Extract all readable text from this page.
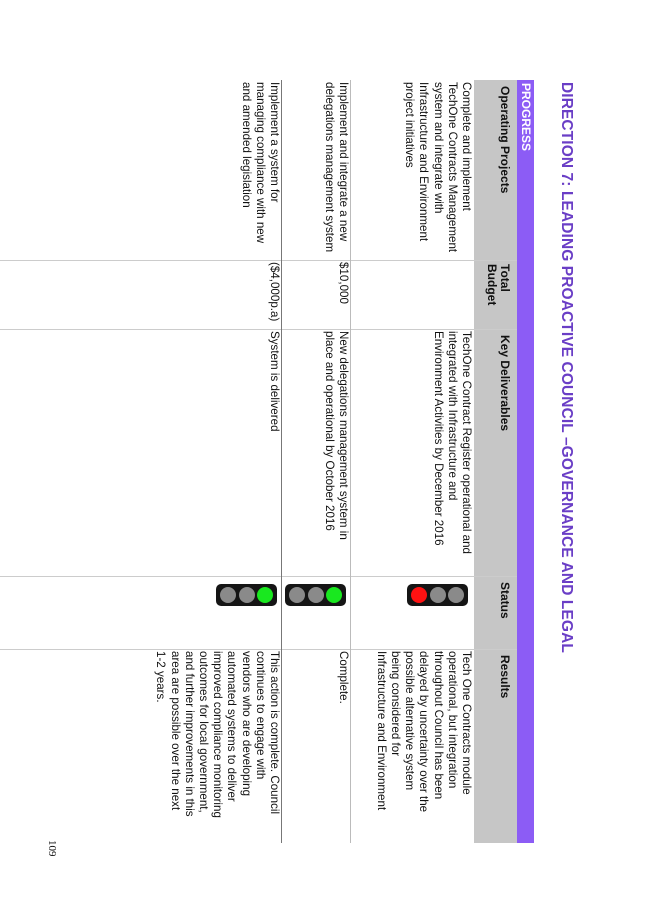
DIRECTION 7: LEADING PROACTIVE COUNCIL –GOVERNANCE AND LEGAL
PROGRESS
Operating Projects
Total
Budget
Key Deliverables
Status
Results
Complete and implement
TechOne Contracts Management
system and integrate with
Infrastructure and Environment
project initiatives
TechOne Contract Register operational and
integrated with Infrastructure and
Environment Activities by December 2016
Tech One Contracts module
operational, but integration
throughout Council has been
delayed by uncertainty over the
possible alternative system
being considered for
Infrastructure and Environment
Implement and integrate a new
delegations management system
$10,000
New delegations management system in
place and operational by October 2016
Complete.
Implement a system for
managing compliance with new
and amended legislation
($4,000p.a)
System is delivered
This action is complete. Council
continues to engage with
vendors who are developing
automated systems to deliver
improved compliance monitoring
outcomes for local government,
and further improvements in this
area are possible over the next
1-2 years.
109
